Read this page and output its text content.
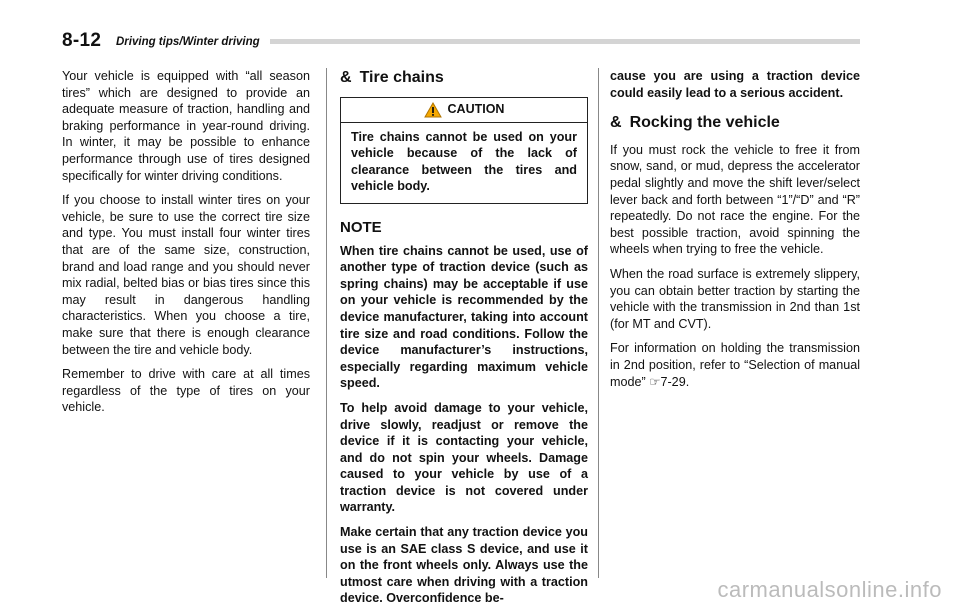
8-12 Driving tips/Winter driving

Your vehicle is equipped with “all season tires” which are designed to provide an adequate measure of traction, handling and braking performance in year-round driving. In winter, it may be possible to enhance performance through use of tires designed specifically for winter driving conditions.

If you choose to install winter tires on your vehicle, be sure to use the correct tire size and type. You must install four winter tires that are of the same size, construction, brand and load range and you should never mix radial, belted bias or bias tires since this may result in dangerous handling characteristics. When you choose a tire, make sure that there is enough clearance between the tire and vehicle body.

Remember to drive with care at all times regardless of the type of tires on your vehicle.

& Tire chains
CAUTION
Tire chains cannot be used on your vehicle because of the lack of clearance between the tires and vehicle body.
NOTE

When tire chains cannot be used, use of another type of traction device (such as spring chains) may be acceptable if use on your vehicle is recommended by the device manufacturer, taking into account tire size and road conditions. Follow the device manufacturer’s instructions, especially regarding maximum vehicle speed.

To help avoid damage to your vehicle, drive slowly, readjust or remove the device if it is contacting your vehicle, and do not spin your wheels. Damage caused to your vehicle by use of a traction device is not covered under warranty.

Make certain that any traction device you use is an SAE class S device, and use it on the front wheels only. Always use the utmost care when driving with a traction device. Overconfidence be-

cause you are using a traction device could easily lead to a serious accident.

& Rocking the vehicle

If you must rock the vehicle to free it from snow, sand, or mud, depress the accelerator pedal slightly and move the shift lever/select lever back and forth between “1”/“D” and “R” repeatedly. Do not race the engine. For the best possible traction, avoid spinning the wheels when trying to free the vehicle.

When the road surface is extremely slippery, you can obtain better traction by starting the vehicle with the transmission in 2nd than 1st (for MT and CVT).

For information on holding the transmission in 2nd position, refer to “Selection of manual mode” ☞7-29.

carmanualsonline.info
